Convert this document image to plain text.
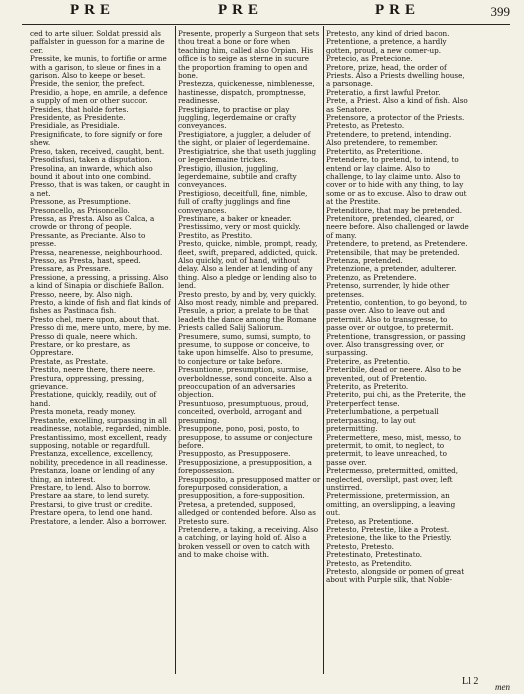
PRE	PRE	PRE	399

ced to arte siluer. Soldat pressid als paffalster in guesson for a marine de cer.

Pressite, ke munis, to fortifie or arme with a garison, to sleue or fines in a garison. Also to keepe or beset.

Preside, the senior, the prefect.

Presidio, a hope, en amrile, a defence a supply of men or other succor.

Presides, that holde fortes.

Presidente, as Presidente.

Presidiale, as Presidiale.

Presignificate, to fore signify or fore shew.

Preso, taken, received, caught, bent.

Presodisfusi, taken a disputation.

Presolina, an inwarde, which also bound it about into one combind.

Presso, that is was taken, or caught in a net.

Pressone, as Presumptione.

Presoncello, as Prisoncello.

Pressa, as Presta. Also as Calca, a crowde or throng of people.

Pressante, as Preciante. Also to presse.

Pressa, nearenesse, neighbourhood.

Presso, as Presta, hast, speed.

Pressare, as Pressare.

Pressione, a pressing, a prissing. Also a kind of Sinapia or dischiefe Ballon.

Presso, neere, by. Also nigh.

Presto, a kinde of fish and flat kinds of fishes as Pastinaca fish.

Presto chel, mere upon, about that.

Presso di me, mere unto, mere, by me.

Presso di quale, neere which.

Prestare, or ko prestare, as Opprestare.

Prestate, as Prestate.

Prestito, neere there, there neere.

Prestura, oppressing, pressing, grievance.

Prestatione, quickly, readily, out of hand.

Presta moneta, ready money.

Prestante, excelling, surpassing in all readinesse, notable, regarded, nimble.

Prestantissimo, most excellent, ready supposing, notable or regardfull.

Prestanza, excellence, excellency, nobility, precedence in all readinesse.

Prestanza, loane or lending of any thing, an interest.

Prestare, to lend. Also to borrow.

Prestare aa stare, to lend surety.

Prestarsi, to give trust or credite.

Prestare opera, to lend one hand.

Prestatore, a lender. Also a borrower.

Presente, properly a Surgeon that sets thou treat a bone or fore when teaching him, called also Orpian. His office is to seige as sterne in sucure the proportion framing to open and bone.

Prestezza, quickenesse, nimblenesse, hastinesse, dispatch, promptnesse, readinesse.

Prestigiare, to practise or play juggling, legerdemaine or crafty conveyances.

Prestigiatore, a juggler, a deluder of the sight, or plaier of legerdemaine.

Prestigiatrice, she that useth juggling or legerdemaine trickes.

Prestigio, illusion, juggling, legerdemaine, subtile and crafty conveyances.

Prestigioso, deceitfull, fine, nimble, full of crafty jugglings and fine conveyances.

Prestinare, a baker or kneader.

Prestissimo, very or most quickly.

Prestito, as Prestito.

Presto, quicke, nimble, prompt, ready, fleet, swift, prepared, addicted, quick. Also quickly, out of hand, without delay. Also a lender at lending of any thing. Also a pledge or lending also to lend.

Presto presto, by and by, very quickly. Also most ready, nimble and prepared.

Presule, a prior, a prelate to be that leadeth the dance among the Romane Priests called Salij Saliorum.

Presumere, sumo, sumsi, sumpto, to presume, to suppose or conceive, to take upon himselfe. Also to presume, to conjecture or take before.

Presuntione, presumption, surmise, overboldnesse, sond conceite. Also a preoccupation of an adversaries objection.

Presuntuoso, presumptuous, proud, conceited, overbold, arrogant and presuming.

Presuppone, pono, posi, posto, to presuppose, to assume or conjecture before.

Presupposto, as Presupposere.

Presupposizione, a presupposition, a forepossession.

Presupposito, a presupposed matter or forepurposed consideration, a presupposition, a fore-supposition.

Pretesa, a pretended, supposed, alledged or contended before. Also as Pretesto sure.

Pretendere, a taking, a receiving. Also a catching, or laying hold of. Also a broken vessell or oven to catch with and to make choise with.

Pretesto, any kind of dried bacon.

Pretentione, a pretence, a hardly gotten, proud, a new comer-up.

Pretecio, as Pretecione.

Pretore, prize, head, the order of Priests. Also a Priests dwelling house, a parsonage.

Preteratio, a first lawful Pretor.

Prete, a Priest. Also a kind of fish. Also as Senatore.

Pretensore, a protector of the Priests.

Pretesto, as Pretesto.

Pretendere, to pretend, intending. Also pretendere, to remember.

Pretertito, as Preteritione.

Pretendere, to pretend, to intend, to entend or lay claime. Also to challenge, to lay claime unto. Also to cover or to hide with any thing, to lay some or as to excuse. Also to draw out at the Prestite.

Pretenditore, that may be pretended.

Pretenitore, pretended, cleared, or neere before. Also challenged or lawde of many.

Pretendere, to pretend, as Pretendere.

Pretensibile, that may be pretended.

Pretenza, pretended.

Pretenzione, a pretender, adulterer.

Pretenzo, as Pretendere.

Pretenso, surrender, ly hide other pretenses.

Pretentio, contention, to go beyond, to passe over. Also to leave out and pretermit. Also to transgresse, to passe over or outgoe, to pretermit.

Pretentione, transgression, or passing over. Also transgressing over, or surpassing.

Preterire, as Pretentio.

Preteribile, dead or neere. Also to be prevented, out of Pretentio.

Preterito, as Preterito.

Preterito, pui chi, as the Preterite, the Preterperfect tense.

Preterlumbatione, a perpetuall preterpassing, to lay out pretermitting.

Pretermettere, meso, mist, messo, to pretermit, to omit, to neglect, to pretermit, to leave unreached, to passe over.

Pretermesso, pretermitted, omitted, neglected, overslipt, past over, left unstirred.

Pretermissione, pretermission, an omitting, an overslipping, a leaving out.

Preteso, as Pretentione.

Pretesto, Pretestie, like a Protest.

Pretesione, the like to the Priestly.

Pretesto, Pretesto.

Pretestinato, Pretestinato.

Pretesto, as Pretendito.

Pretesto, alongside or pomen of great about with Purple silk, that Noble-

Ll 2 men
